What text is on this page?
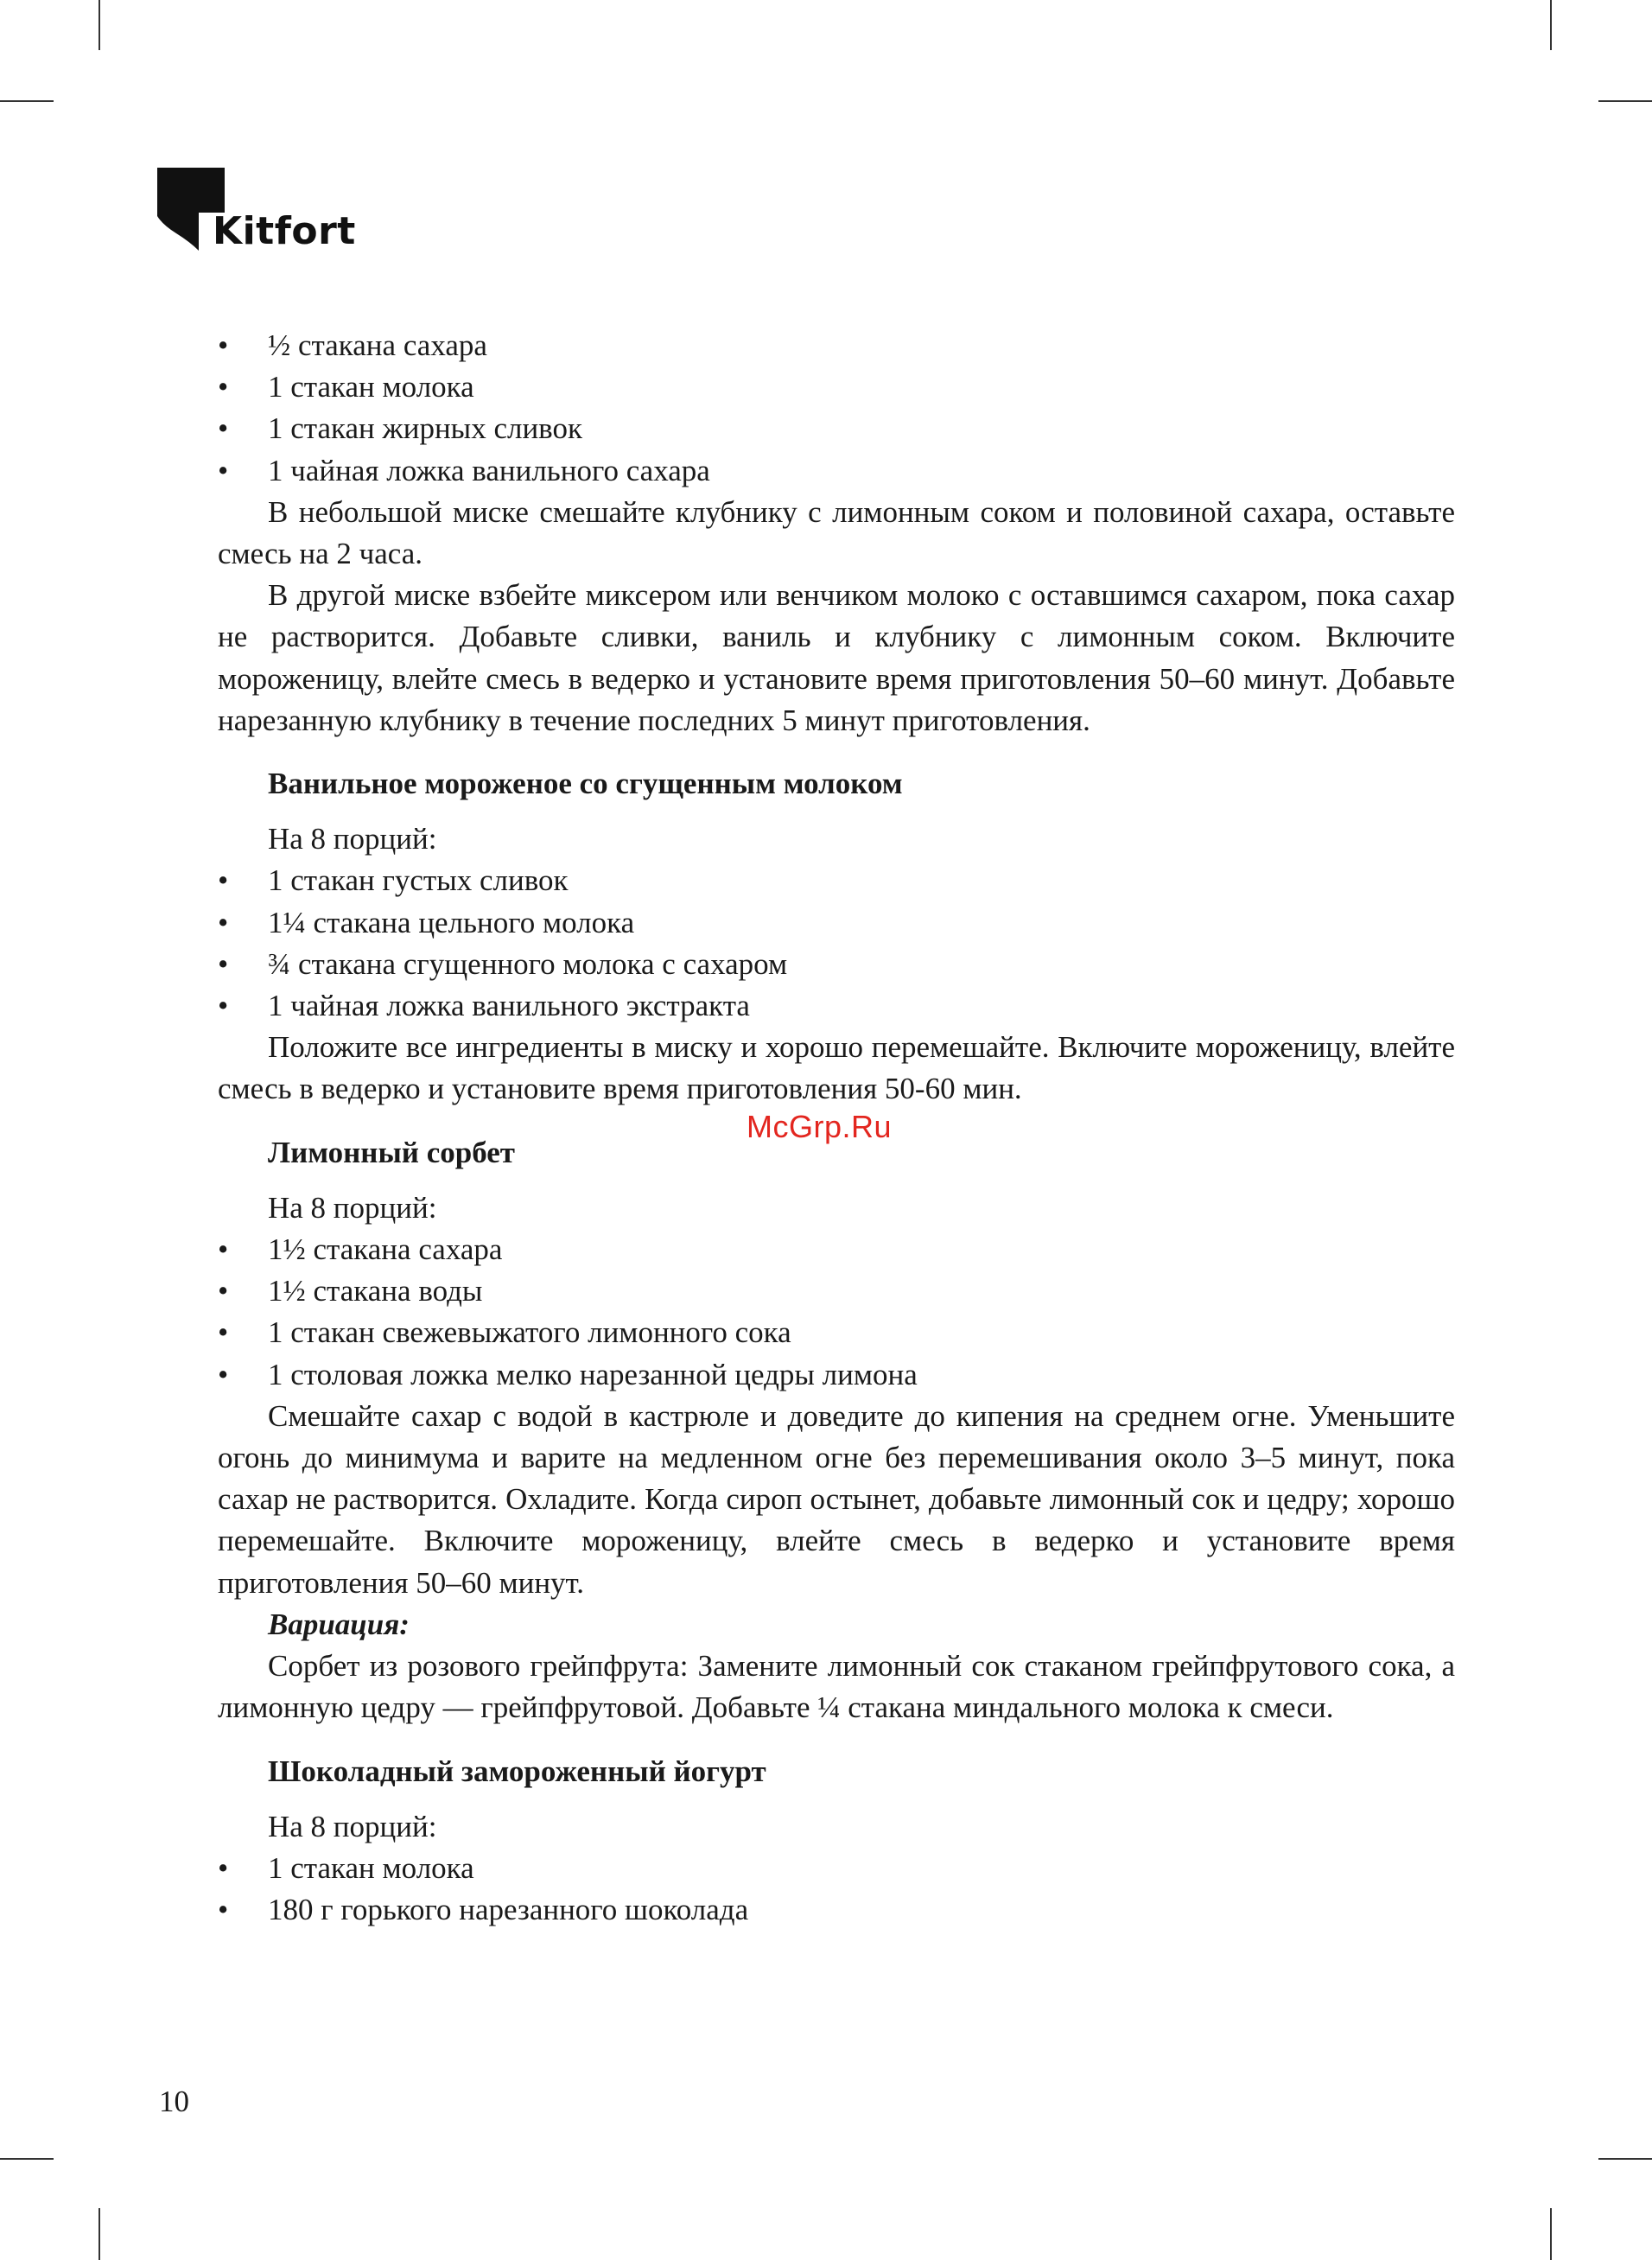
Kitfort
• ½ стакана сахара
• 1 стакан молока
• 1 стакан жирных сливок
• 1 чайная ложка ванильного сахара

В небольшой миске смешайте клубнику с лимонным соком и половиной сахара, оставьте смесь на 2 часа.

В другой миске взбейте миксером или венчиком молоко с оставшимся сахаром, пока сахар не растворится. Добавьте сливки, ваниль и клубнику с лимонным соком. Включите мороженицу, влейте смесь в ведерко и установите время приготовления 50–60 минут. Добавьте нарезанную клубнику в течение последних 5 минут приготовления.

Ванильное мороженое со сгущенным молоком

На 8 порций:

• 1 стакан густых сливок
• 1¼ стакана цельного молока
• ¾ стакана сгущенного молока с сахаром
• 1 чайная ложка ванильного экстракта

Положите все ингредиенты в миску и хорошо перемешайте. Включите мороженицу, влейте смесь в ведерко и установите время приготовления 50-60 мин.

Лимонный сорбет

На 8 порций:

• 1½ стакана сахара
• 1½ стакана воды
• 1 стакан свежевыжатого лимонного сока
• 1 столовая ложка мелко нарезанной цедры лимона

Смешайте сахар с водой в кастрюле и доведите до кипения на среднем огне. Уменьшите огонь до минимума и варите на медленном огне без перемешивания около 3–5 минут, пока сахар не растворится. Охладите. Когда сироп остынет, добавьте лимонный сок и цедру; хорошо перемешайте. Включите мороженицу, влейте смесь в ведерко и установите время приготовления 50–60 минут.

Вариация:

Сорбет из розового грейпфрута: Замените лимонный сок стаканом грейпфрутового сока, а лимонную цедру — грейпфрутовой. Добавьте ¼ стакана миндального молока к смеси.

Шоколадный замороженный йогурт

На 8 порций:

• 1 стакан молока
• 180 г горького нарезанного шоколада
McGrp.Ru
10
